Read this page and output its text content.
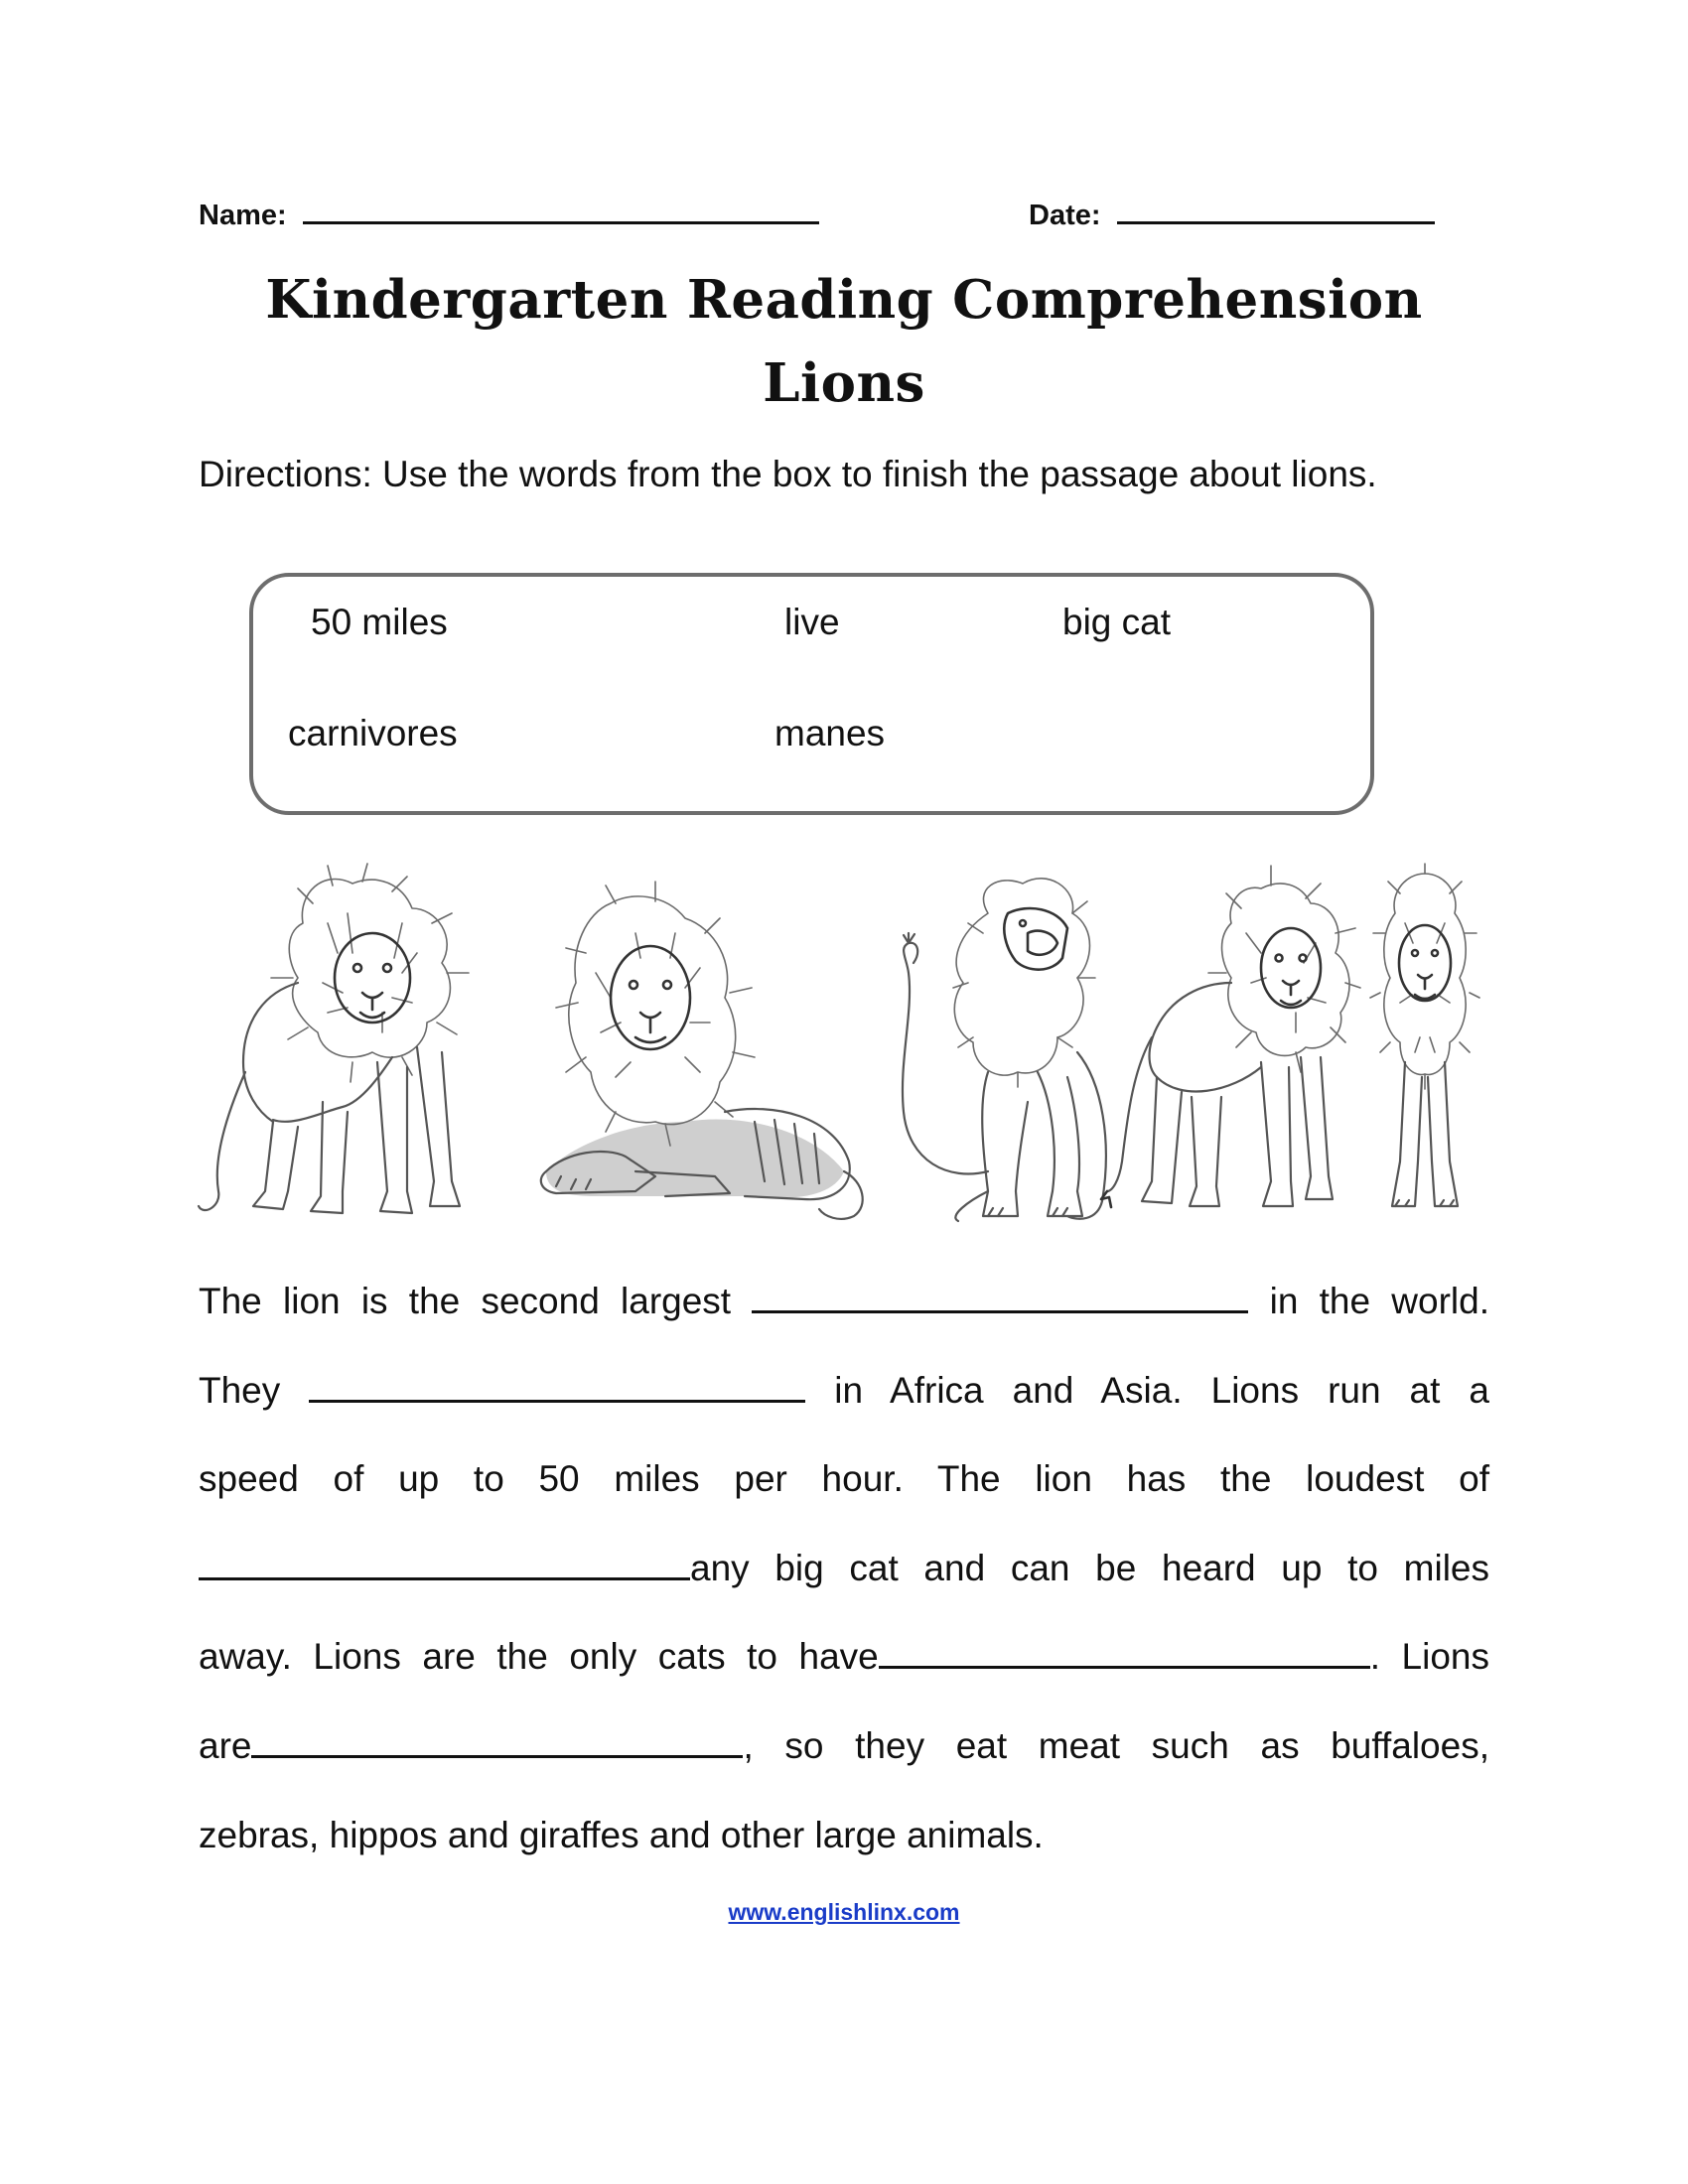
Name:	Date:
Kindergarten Reading Comprehension
Lions
Directions: Use the words from the box to finish the passage about lions.
50 miles	live	big cat
carnivores	manes
The lion is the second largest	in the world.
They	in Africa and Asia. Lions run at a
speed of up to 50 miles per hour. The lion has the loudest of
any big cat and can be heard up to miles
away. Lions are the only cats to have	. Lions
are	, so they eat meat such as buffaloes,
zebras, hippos and giraffes and other large animals.
www.englishlinx.com
